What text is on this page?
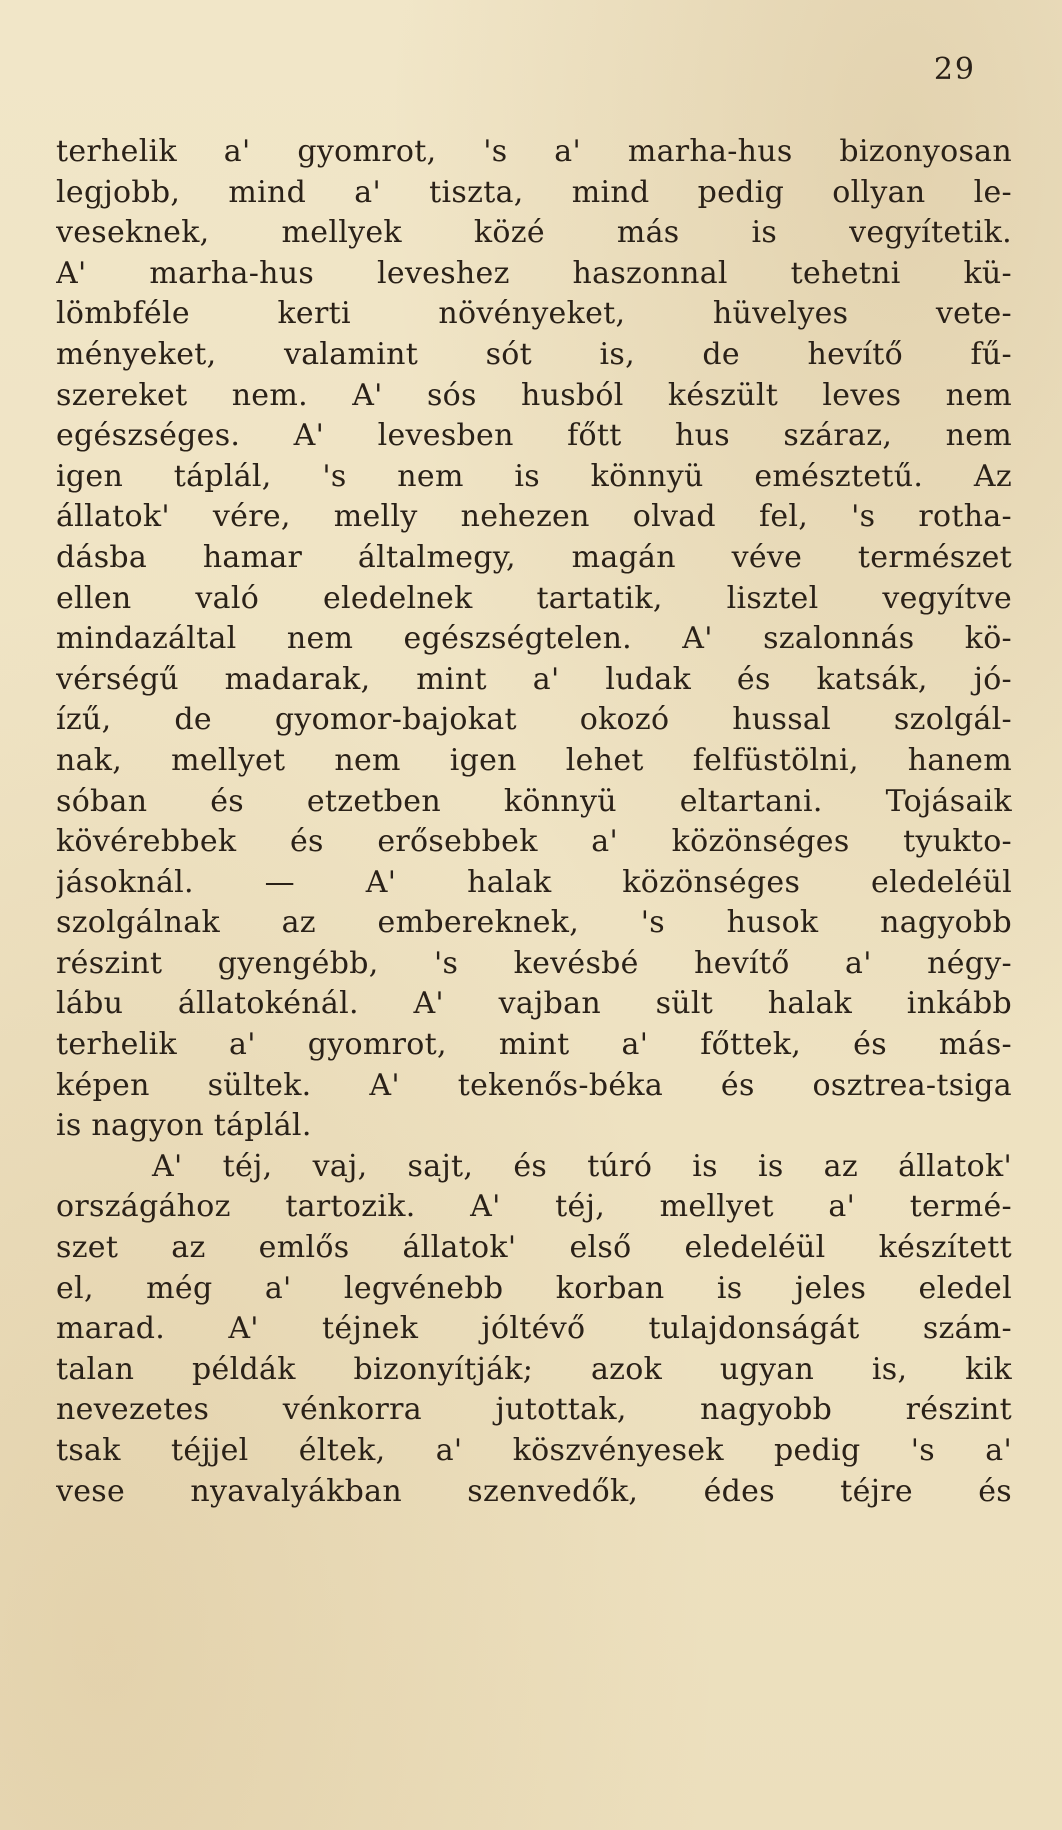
29
terhelik a' gyomrot, 's a' marha-hus bizonyosan
legjobb, mind a' tiszta, mind pedig ollyan le-
veseknek, mellyek közé más is vegyítetik.
A' marha-hus leveshez haszonnal tehetni kü-
lömbféle kerti növényeket, hüvelyes vete-
ményeket, valamint sót is, de hevítő fű-
szereket nem. A' sós husból készült leves nem
egészséges. A' levesben főtt hus száraz, nem
igen táplál, 's nem is könnyü emésztetű. Az
állatok' vére, melly nehezen olvad fel, 's rotha-
dásba hamar általmegy, magán véve természet
ellen való eledelnek tartatik, lisztel vegyítve
mindazáltal nem egészségtelen. A' szalonnás kö-
vérségű madarak, mint a' ludak és katsák, jó-
ízű, de gyomor-bajokat okozó hussal szolgál-
nak, mellyet nem igen lehet felfüstölni, hanem
sóban és etzetben könnyü eltartani. Tojásaik
kövérebbek és erősebbek a' közönséges tyukto-
jásoknál. — A' halak közönséges eledeléül
szolgálnak az embereknek, 's husok nagyobb
részint gyengébb, 's kevésbé hevítő a' négy-
lábu állatokénál. A' vajban sült halak inkább
terhelik a' gyomrot, mint a' főttek, és más-
képen sültek. A' tekenős-béka és osztrea-tsiga
is nagyon táplál.
A' téj, vaj, sajt, és túró is is az állatok'
országához tartozik. A' téj, mellyet a' termé-
szet az emlős állatok' első eledeléül készített
el, még a' legvénebb korban is jeles eledel
marad. A' téjnek jóltévő tulajdonságát szám-
talan példák bizonyítják; azok ugyan is, kik
nevezetes vénkorra jutottak, nagyobb részint
tsak téjjel éltek, a' köszvényesek pedig 's a'
vese nyavalyákban szenvedők, édes téjre és
